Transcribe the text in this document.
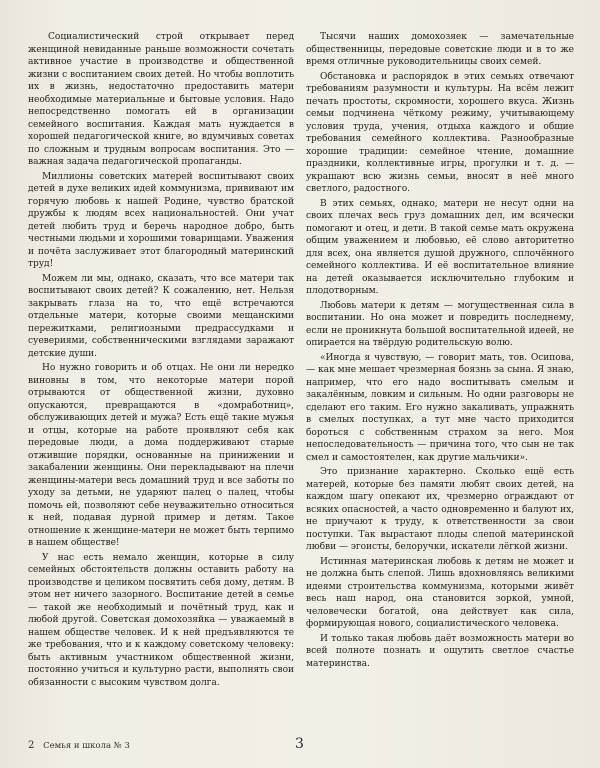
Социалистический строй открывает перед женщиной невиданные раньше возможности сочетать активное участие в производстве и общественной жизни с воспитанием своих детей. Но чтобы воплотить их в жизнь, недостаточно предоставить матери необходимые материальные и бытовые условия. Надо непосредственно помогать ей в организации семейного воспитания. Каждая мать нуждается в хорошей педагогической книге, во вдумчивых советах по сложным и трудным вопросам воспитания. Это — важная задача педагогической пропаганды.

Миллионы советских матерей воспитывают своих детей в духе великих идей коммунизма, прививают им горячую любовь к нашей Родине, чувство братской дружбы к людям всех национальностей. Они учат детей любить труд и беречь народное добро, быть честными людьми и хорошими товарищами. Уважения и почёта заслуживает этот благородный материнский труд!

Можем ли мы, однако, сказать, что все матери так воспитывают своих детей? К сожалению, нет. Нельзя закрывать глаза на то, что ещё встречаются отдельные матери, которые своими мещанскими пережитками, религиозными предрассудками и суевериями, собственническими взглядами заражают детские души.

Но нужно говорить и об отцах. Не они ли нередко виновны в том, что некоторые матери порой отрываются от общественной жизни, духовно опускаются, превращаются в «домработниц», обслуживающих детей и мужа? Есть ещё такие мужья и отцы, которые на работе проявляют себя как передовые люди, а дома поддерживают старые отжившие порядки, основанные на принижении и закабалении женщины. Они перекладывают на плечи женщины-матери весь домашний труд и все заботы по уходу за детьми, не ударяют палец о палец, чтобы помочь ей, позволяют себе неуважительно относиться к ней, подавая дурной пример и детям. Такое отношение к женщине-матери не может быть терпимо в нашем обществе!

У нас есть немало женщин, которые в силу семейных обстоятельств должны оставить работу на производстве и целиком посвятить себя дому, детям. В этом нет ничего зазорного. Воспитание детей в семье — такой же необходимый и почётный труд, как и любой другой. Советская домохозяйка — уважаемый в нашем обществе человек. И к ней предъявляются те же требования, что и к каждому советскому человеку: быть активным участником общественной жизни, постоянно учиться и культурно расти, выполнять свои обязанности с высоким чувством долга.

Тысячи наших домохозяек — замечательные общественницы, передовые советские люди и в то же время отличные руководительницы своих семей.

Обстановка и распорядок в этих семьях отвечают требованиям разумности и культуры. На всём лежит печать простоты, скромности, хорошего вкуса. Жизнь семьи подчинена чёткому режиму, учитывающему условия труда, учения, отдыха каждого и общие требования семейного коллектива. Разнообразные хорошие традиции: семейное чтение, домашние праздники, коллективные игры, прогулки и т. д. — украшают всю жизнь семьи, вносят в неё много светлого, радостного.

В этих семьях, однако, матери не несут одни на своих плечах весь груз домашних дел, им всячески помогают и отец, и дети. В такой семье мать окружена общим уважением и любовью, её слово авторитетно для всех, она является душой дружного, сплочённого семейного коллектива. И её воспитательное влияние на детей оказывается исключительно глубоким и плодотворным.

Любовь матери к детям — могущественная сила в воспитании. Но она может и повредить последнему, если не проникнута большой воспитательной идеей, не опирается на твёрдую родительскую волю.

«Иногда я чувствую, — говорит мать, тов. Осипова, — как мне мешает чрезмерная боязнь за сына. Я знаю, например, что его надо воспитывать смелым и закалённым, ловким и сильным. Но одни разговоры не сделают его таким. Его нужно закаливать, упражнять в смелых поступках, а тут мне часто приходится бороться с собственным страхом за него. Моя непоследовательность — причина того, что сын не так смел и самостоятелен, как другие мальчики».

Это признание характерно. Сколько ещё есть матерей, которые без памяти любят своих детей, на каждом шагу опекают их, чрезмерно ограждают от всяких опасностей, а часто одновременно и балуют их, не приучают к труду, к ответственности за свои поступки. Так вырастают плоды слепой материнской любви — эгоисты, белоручки, искатели лёгкой жизни.

Истинная материнская любовь к детям не может и не должна быть слепой. Лишь вдохновляясь великими идеями строительства коммунизма, которыми живёт весь наш народ, она становится зоркой, умной, человечески богатой, она действует как сила, формирующая нового, социалистического человека.

И только такая любовь даёт возможность матери во всей полноте познать и ощутить светлое счастье материнства.

2 Семья и школа № 3	3
